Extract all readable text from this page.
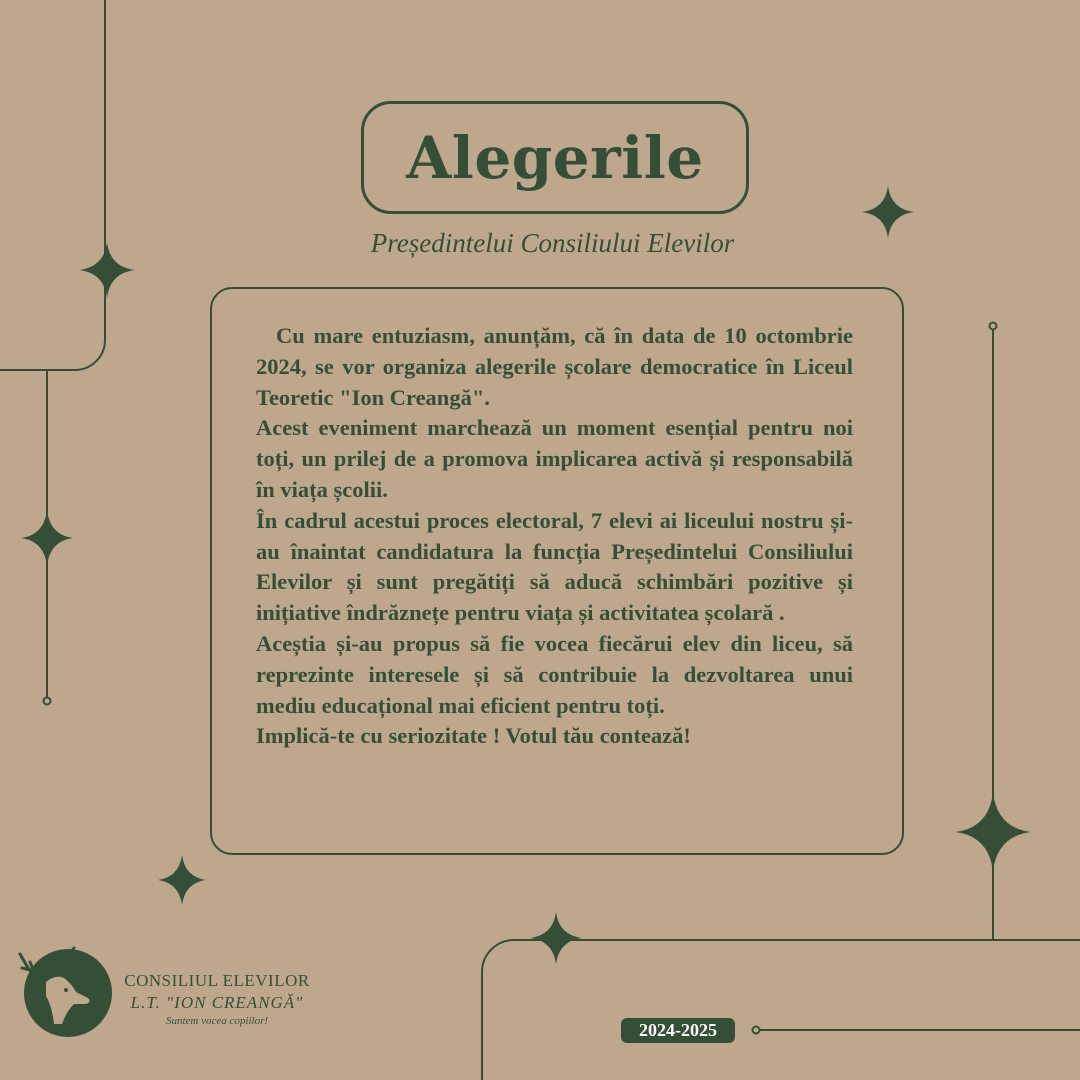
Alegerile
Președintelui Consiliului Elevilor

Cu mare entuziasm, anunțăm, că în data de 10 octombrie 2024, se vor organiza alegerile școlare democratice în Liceul Teoretic "Ion Creangă".

Acest eveniment marchează un moment esențial pentru noi toți, un prilej de a promova implicarea activă și responsabilă în viața școlii.

În cadrul acestui proces electoral, 7 elevi ai liceului nostru și-au înaintat candidatura la funcția Președintelui Consiliului Elevilor și sunt pregătiți să aducă schimbări pozitive și inițiative îndrăznețe pentru viața și activitatea școlară .

Aceștia și-au propus să fie vocea fiecărui elev din liceu, să reprezinte interesele și să contribuie la dezvoltarea unui mediu educațional mai eficient pentru toți.

Implică-te cu seriozitate ! Votul tău contează!

CONSILIUL ELEVILOR
L.T. "ION CREANGĂ"
Suntem vocea copiilor!	2024-2025
